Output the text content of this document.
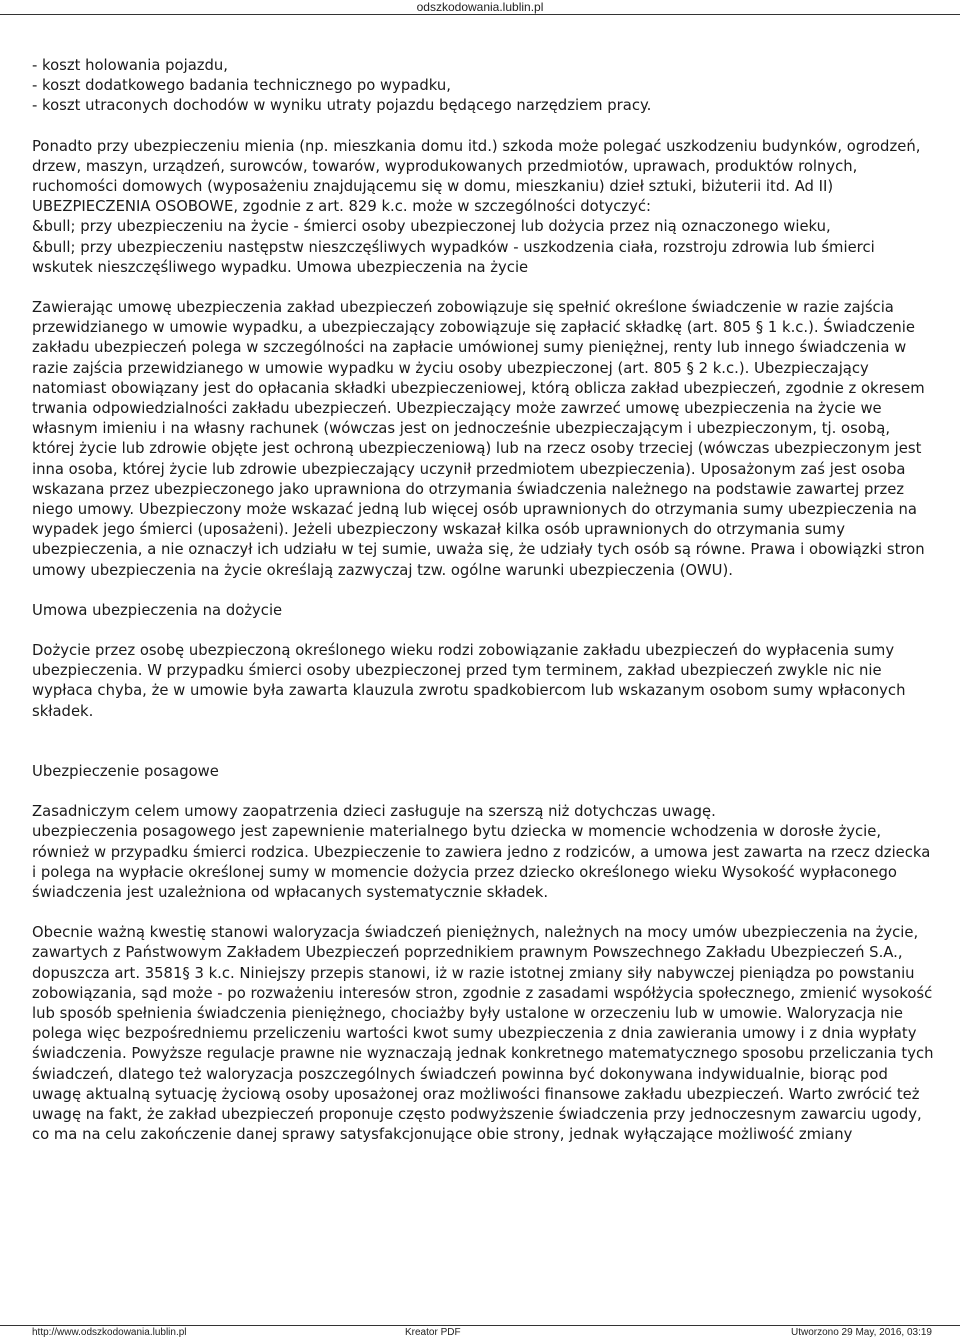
odszkodowania.lublin.pl

- koszt holowania pojazdu,
- koszt dodatkowego badania technicznego po wypadku,
- koszt utraconych dochodów w wyniku utraty pojazdu będącego narzędziem pracy.

Ponadto przy ubezpieczeniu mienia (np. mieszkania domu itd.) szkoda może polegać uszkodzeniu budynków, ogrodzeń, drzew, maszyn, urządzeń, surowców, towarów, wyprodukowanych przedmiotów, uprawach, produktów rolnych, ruchomości domowych (wyposażeniu znajdującemu się w domu, mieszkaniu) dzieł sztuki, biżuterii itd. Ad II) UBEZPIECZENIA OSOBOWE, zgodnie z art. 829 k.c. może w szczególności dotyczyć:
&bull; przy ubezpieczeniu na życie - śmierci osoby ubezpieczonej lub dożycia przez nią oznaczonego wieku,
&bull; przy ubezpieczeniu następstw nieszczęśliwych wypadków - uszkodzenia ciała, rozstroju zdrowia lub śmierci wskutek nieszczęśliwego wypadku. Umowa ubezpieczenia na życie

Zawierając umowę ubezpieczenia zakład ubezpieczeń zobowiązuje się spełnić określone świadczenie w razie zajścia przewidzianego w umowie wypadku, a ubezpieczający zobowiązuje się zapłacić składkę (art. 805 § 1 k.c.). Świadczenie zakładu ubezpieczeń polega w szczególności na zapłacie umówionej sumy pieniężnej, renty lub innego świadczenia w razie zajścia przewidzianego w umowie wypadku w życiu osoby ubezpieczonej (art. 805 § 2 k.c.). Ubezpieczający natomiast obowiązany jest do opłacania składki ubezpieczeniowej, którą oblicza zakład ubezpieczeń, zgodnie z okresem trwania odpowiedzialności zakładu ubezpieczeń. Ubezpieczający może zawrzeć umowę ubezpieczenia na życie we własnym imieniu i na własny rachunek (wówczas jest on jednocześnie ubezpieczającym i ubezpieczonym, tj. osobą, której życie lub zdrowie objęte jest ochroną ubezpieczeniową) lub na rzecz osoby trzeciej (wówczas ubezpieczonym jest inna osoba, której życie lub zdrowie ubezpieczający uczynił przedmiotem ubezpieczenia). Uposażonym zaś jest osoba wskazana przez ubezpieczonego jako uprawniona do otrzymania świadczenia należnego na podstawie zawartej przez niego umowy. Ubezpieczony może wskazać jedną lub więcej osób uprawnionych do otrzymania sumy ubezpieczenia na wypadek jego śmierci (uposażeni). Jeżeli ubezpieczony wskazał kilka osób uprawnionych do otrzymania sumy ubezpieczenia, a nie oznaczył ich udziału w tej sumie, uważa się, że udziały tych osób są równe. Prawa i obowiązki stron umowy ubezpieczenia na życie określają zazwyczaj tzw. ogólne warunki ubezpieczenia (OWU).

Umowa ubezpieczenia na dożycie

Dożycie przez osobę ubezpieczoną określonego wieku rodzi zobowiązanie zakładu ubezpieczeń do wypłacenia sumy ubezpieczenia. W przypadku śmierci osoby ubezpieczonej przed tym terminem, zakład ubezpieczeń zwykle nic nie wypłaca chyba, że w umowie była zawarta klauzula zwrotu spadkobiercom lub wskazanym osobom sumy wpłaconych składek.

Ubezpieczenie posagowe

Zasadniczym celem umowy zaopatrzenia dzieci zasługuje na szerszą niż dotychczas uwagę.
ubezpieczenia posagowego jest zapewnienie materialnego bytu dziecka w momencie wchodzenia w dorosłe życie, również w przypadku śmierci rodzica. Ubezpieczenie to zawiera jedno z rodziców, a umowa jest zawarta na rzecz dziecka i polega na wypłacie określonej sumy w momencie dożycia przez dziecko określonego wieku Wysokość wypłaconego świadczenia jest uzależniona od wpłacanych systematycznie składek.

Obecnie ważną kwestię stanowi waloryzacja świadczeń pieniężnych, należnych na mocy umów ubezpieczenia na życie, zawartych z Państwowym Zakładem Ubezpieczeń poprzednikiem prawnym Powszechnego Zakładu Ubezpieczeń S.A., dopuszcza art. 3581§ 3 k.c. Niniejszy przepis stanowi, iż w razie istotnej zmiany siły nabywczej pieniądza po powstaniu zobowiązania, sąd może - po rozważeniu interesów stron, zgodnie z zasadami współżycia społecznego, zmienić wysokość lub sposób spełnienia świadczenia pieniężnego, chociażby były ustalone w orzeczeniu lub w umowie. Waloryzacja nie polega więc bezpośredniemu przeliczeniu wartości kwot sumy ubezpieczenia z dnia zawierania umowy i z dnia wypłaty świadczenia. Powyższe regulacje prawne nie wyznaczają jednak konkretnego matematycznego sposobu przeliczania tych świadczeń, dlatego też waloryzacja poszczególnych świadczeń powinna być dokonywana indywidualnie, biorąc pod uwagę aktualną sytuację życiową osoby uposażonej oraz możliwości finansowe zakładu ubezpieczeń. Warto zwrócić też uwagę na fakt, że zakład ubezpieczeń proponuje często podwyższenie świadczenia przy jednoczesnym zawarciu ugody, co ma na celu zakończenie danej sprawy satysfakcjonujące obie strony, jednak wyłączające możliwość zmiany

http://www.odszkodowania.lublin.pl	Kreator PDF	Utworzono 29 May, 2016, 03:19
